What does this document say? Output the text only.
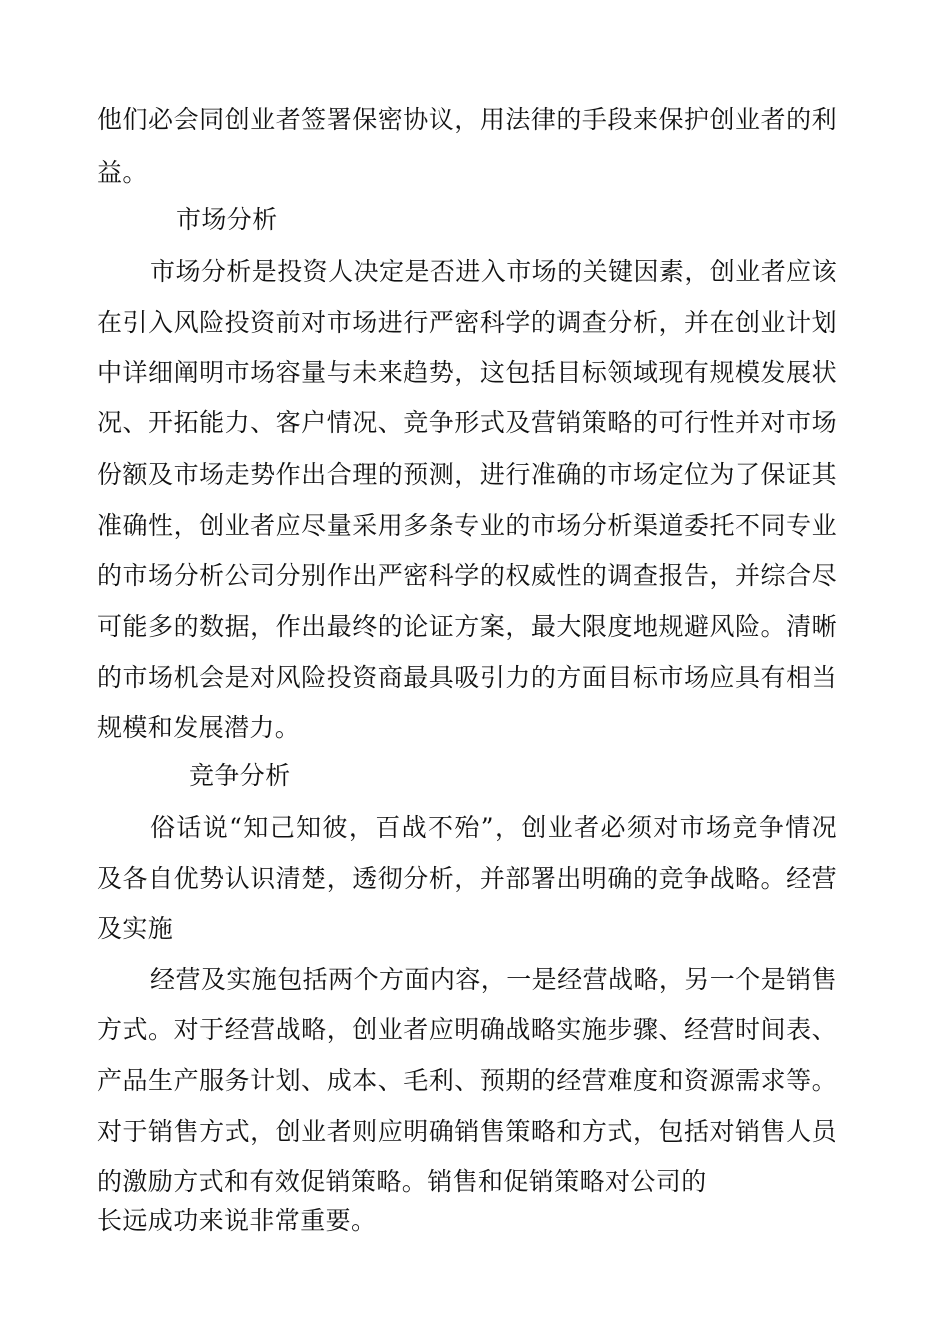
他们必会同创业者签署保密协议，用法律的手段来保护创业者的利
益。
市场分析
市场分析是投资人决定是否进入市场的关键因素，创业者应该
在引入风险投资前对市场进行严密科学的调查分析，并在创业计划
中详细阐明市场容量与未来趋势，这包括目标领域现有规模发展状
况、开拓能力、客户情况、竞争形式及营销策略的可行性并对市场
份额及市场走势作出合理的预测，进行准确的市场定位为了保证其
准确性，创业者应尽量采用多条专业的市场分析渠道委托不同专业
的市场分析公司分别作出严密科学的权威性的调查报告，并综合尽
可能多的数据，作出最终的论证方案，最大限度地规避风险。清晰
的市场机会是对风险投资商最具吸引力的方面目标市场应具有相当
规模和发展潜力。
竞争分析
俗话说“知己知彼，百战不殆”，创业者必须对市场竞争情况
及各自优势认识清楚，透彻分析，并部署出明确的竞争战略。经营
及实施
经营及实施包括两个方面内容，一是经营战略，另一个是销售
方式。对于经营战略，创业者应明确战略实施步骤、经营时间表、
产品生产服务计划、成本、毛利、预期的经营难度和资源需求等。
对于销售方式，创业者则应明确销售策略和方式，包括对销售人员
的激励方式和有效促销策略。销售和促销策略对公司的
长远成功来说非常重要。
